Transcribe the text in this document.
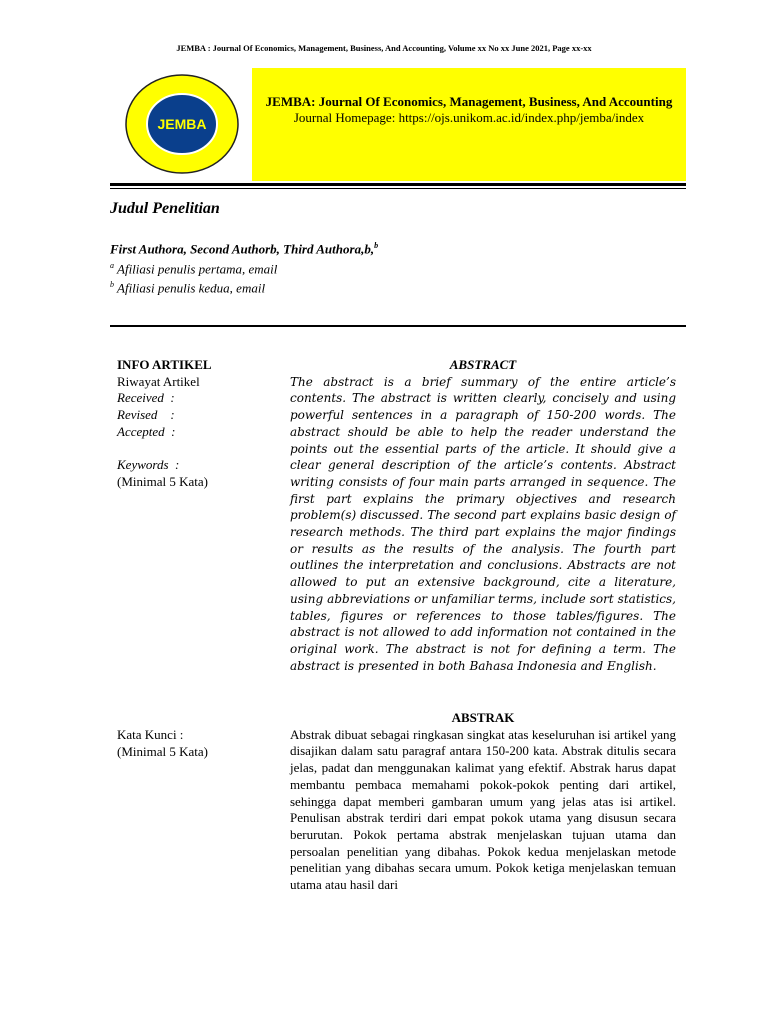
JEMBA : Journal Of Economics, Management, Business, And Accounting, Volume xx No xx June 2021, Page xx-xx
JEMBA
JEMBA: Journal Of Economics, Management, Business, And Accounting
Journal Homepage: https://ojs.unikom.ac.id/index.php/jemba/index
Judul Penelitian
First Authora, Second Authorb, Third Authora,b,$^b$
$^a$ Afiliasi penulis pertama, email
$^b$ Afiliasi penulis kedua, email
INFO ARTIKEL
Riwayat Artikel
Received  :
Revised    :
Accepted  :
Keywords  :
(Minimal 5 Kata)
ABSTRACT
The abstract is a brief summary of the entire article’s contents. The abstract is written clearly, concisely and using powerful sentences in a paragraph of 150-200 words. The abstract should be able to help the reader understand the points out the essential parts of the article. It should give a clear general description of the article’s contents. Abstract writing consists of four main parts arranged in sequence. The first part explains the primary objectives and research problem(s) discussed. The second part explains basic design of research methods. The third part explains the major findings or results as the results of the analysis. The fourth part outlines the interpretation and conclusions. Abstracts are not allowed to put an extensive background, cite a literature, using abbreviations or unfamiliar terms, include sort statistics, tables, figures or references to those tables/figures. The abstract is not allowed to add information not contained in the original work. The abstract is not for defining a term. The abstract is presented in both Bahasa Indonesia and English.
Kata Kunci :
(Minimal 5 Kata)
ABSTRAK
Abstrak dibuat sebagai ringkasan singkat atas keseluruhan isi artikel yang disajikan dalam satu paragraf antara 150-200 kata. Abstrak ditulis secara jelas, padat dan menggunakan kalimat yang efektif. Abstrak harus dapat membantu pembaca memahami pokok-pokok penting dari artikel, sehingga dapat memberi gambaran umum yang jelas atas isi artikel. Penulisan abstrak terdiri dari empat pokok utama yang disusun secara berurutan. Pokok pertama abstrak menjelaskan tujuan utama dan persoalan penelitian yang dibahas. Pokok kedua menjelaskan metode penelitian yang dibahas secara umum. Pokok ketiga menjelaskan temuan utama atau hasil dari
